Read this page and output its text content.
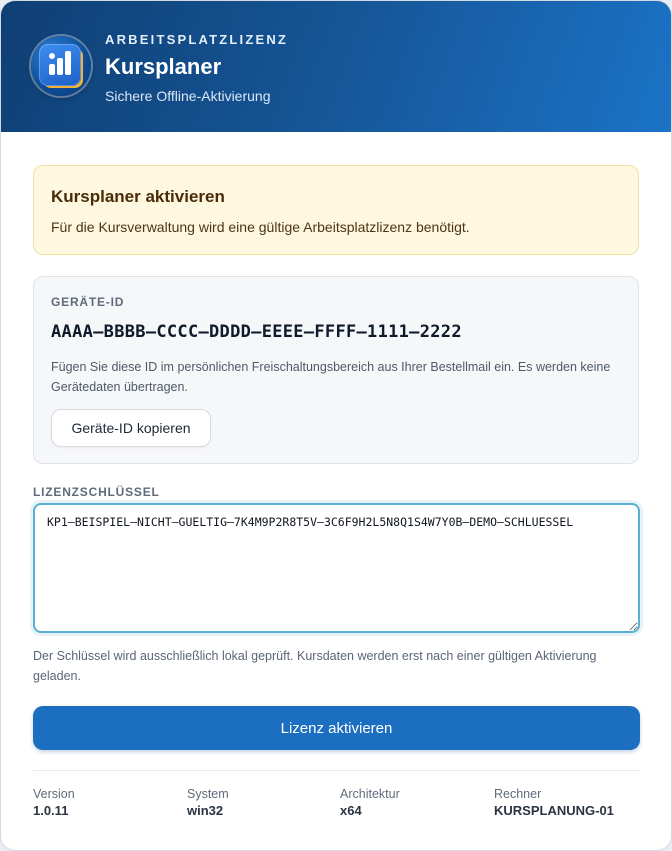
ARBEITSPLATZLIZENZ
Kursplaner
Sichere Offline-Aktivierung
Kursplaner aktivieren
Für die Kursverwaltung wird eine gültige Arbeitsplatzlizenz benötigt.
GERÄTE-ID
AAAA–BBBB–CCCC–DDDD–EEEE–FFFF–1111–2222
Fügen Sie diese ID im persönlichen Freischaltungsbereich aus Ihrer Bestellmail ein. Es werden keine Gerätedaten übertragen.
Geräte-ID kopieren
LIZENZSCHLÜSSEL
KP1–BEISPIEL–NICHT–GUELTIG–7K4M9P2R8T5V–3C6F9H2L5N8Q1S4W7Y0B–DEMO–SCHLUESSEL
Der Schlüssel wird ausschließlich lokal geprüft. Kursdaten werden erst nach einer gültigen Aktivierung geladen.
Lizenz aktivieren
Version
1.0.11
System
win32
Architektur
x64
Rechner
KURSPLANUNG-01
